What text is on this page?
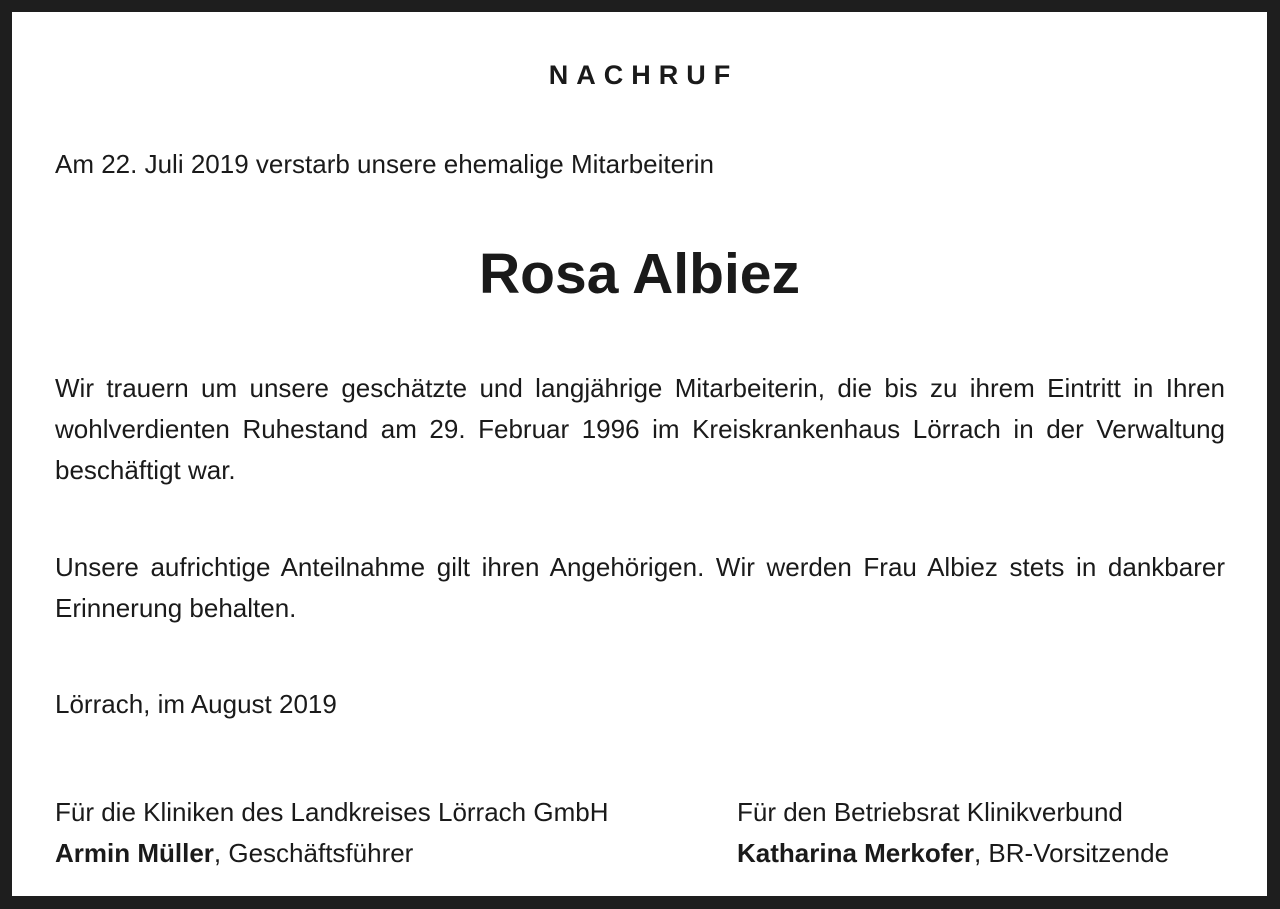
NACHRUF
Am 22. Juli 2019 verstarb unsere ehemalige Mitarbeiterin
Rosa Albiez

Wir trauern um unsere geschätzte und langjährige Mitarbeiterin, die bis zu ihrem Eintritt in Ihren wohlverdienten Ruhestand am 29. Februar 1996 im Kreiskrankenhaus Lörrach in der Verwaltung beschäftigt war.

Unsere aufrichtige Anteilnahme gilt ihren Angehörigen. Wir werden Frau Albiez stets in dankbarer Erinnerung behalten.

Lörrach, im August 2019
Für die Kliniken des Landkreises Lörrach GmbH
Armin Müller, Geschäftsführer
Für den Betriebsrat Klinikverbund
Katharina Merkofer, BR-Vorsitzende
